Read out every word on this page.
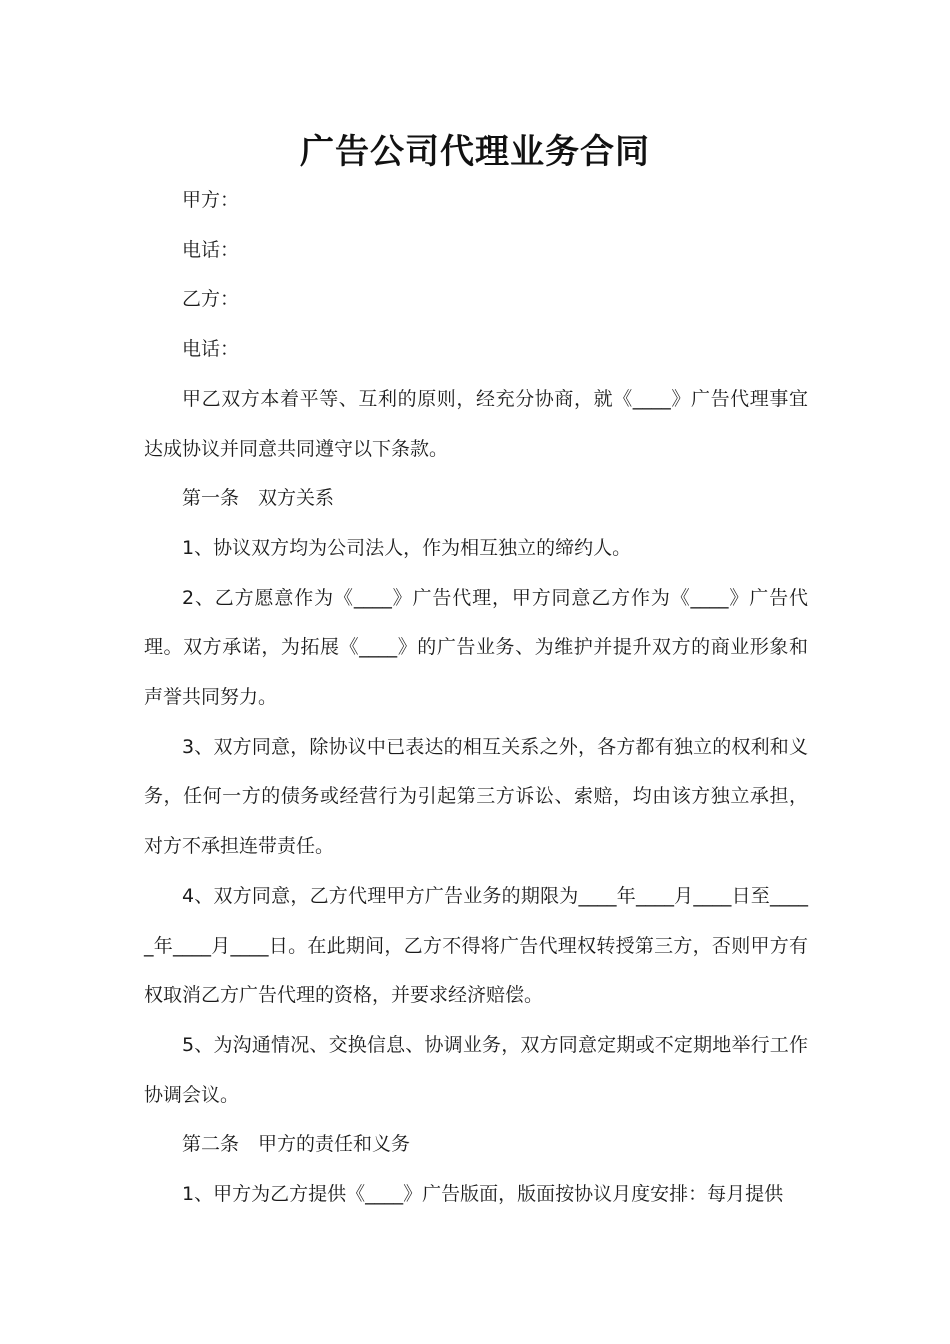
广告公司代理业务合同

甲方：

电话：

乙方：

电话：

甲乙双方本着平等、互利的原则，经充分协商，就《____》广告代理事宜达成协议并同意共同遵守以下条款。

第一条　双方关系

1、协议双方均为公司法人，作为相互独立的缔约人。

2、乙方愿意作为《____》广告代理，甲方同意乙方作为《____》广告代理。双方承诺，为拓展《____》的广告业务、为维护并提升双方的商业形象和声誉共同努力。

3、双方同意，除协议中已表达的相互关系之外，各方都有独立的权利和义务，任何一方的债务或经营行为引起第三方诉讼、索赔，均由该方独立承担，对方不承担连带责任。

4、双方同意，乙方代理甲方广告业务的期限为____年____月____日至_____年____月____日。在此期间，乙方不得将广告代理权转授第三方，否则甲方有权取消乙方广告代理的资格，并要求经济赔偿。

5、为沟通情况、交换信息、协调业务，双方同意定期或不定期地举行工作协调会议。

第二条　甲方的责任和义务

1、甲方为乙方提供《____》广告版面，版面按协议月度安排：每月提供
